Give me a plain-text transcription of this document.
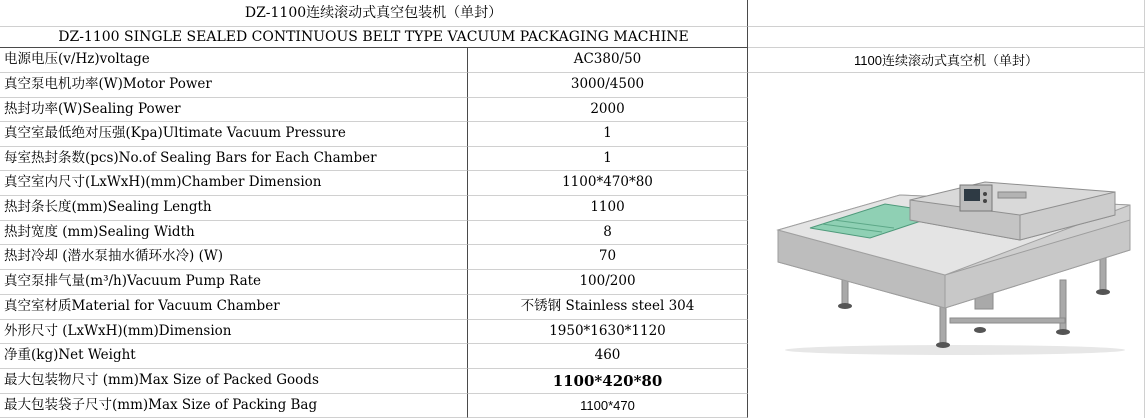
DZ-1100连续滚动式真空包装机（单封）
DZ-1100 SINGLE SEALED CONTINUOUS BELT TYPE VACUUM PACKAGING MACHINE
电源电压(v/Hz)voltage	AC380/50
真空泵电机功率(W)Motor Power	3000/4500
热封功率(W)Sealing Power	2000
真空室最低绝对压强(Kpa)Ultimate Vacuum Pressure	1
每室热封条数(pcs)No.of Sealing Bars for Each Chamber	1
真空室内尺寸(LxWxH)(mm)Chamber Dimension	1100*470*80
热封条长度(mm)Sealing Length	1100
热封宽度 (mm)Sealing Width	8
热封冷却 (潜水泵抽水循环水冷) (W)	70
真空泵排气量(m³/h)Vacuum Pump Rate	100/200
真空室材质Material for Vacuum Chamber	不锈钢 Stainless steel 304
外形尺寸 (LxWxH)(mm)Dimension	1950*1630*1120
净重(kg)Net Weight	460
最大包装物尺寸 (mm)Max Size of Packed Goods	1100*420*80
最大包装袋子尺寸(mm)Max Size of Packing Bag	1100*470
1100连续滚动式真空机（单封）
